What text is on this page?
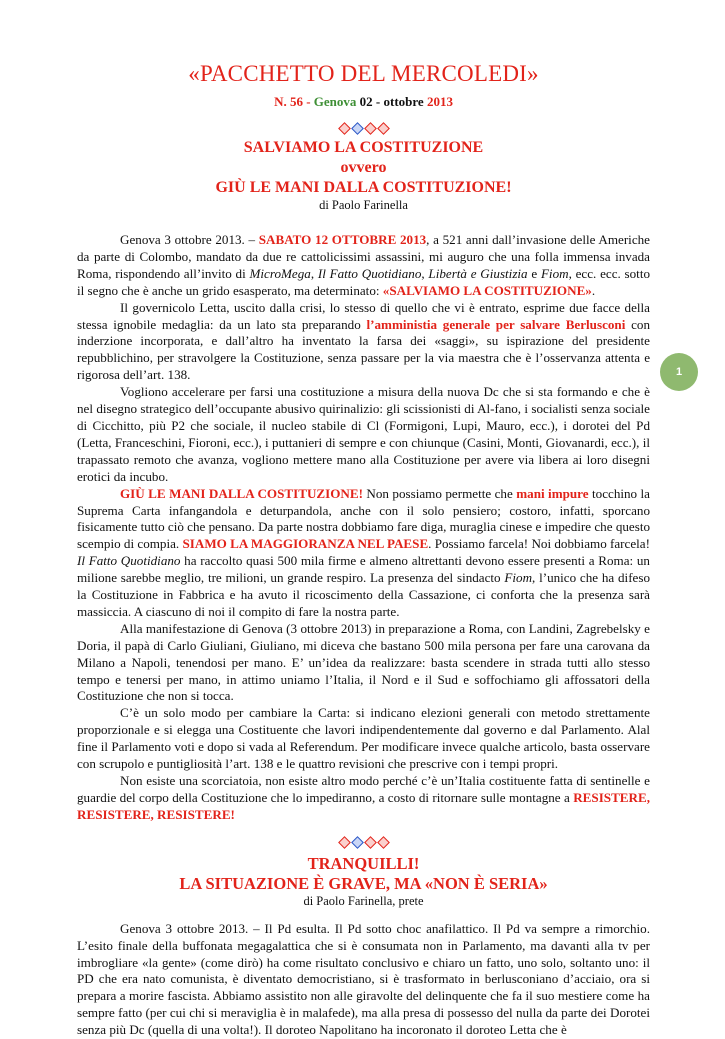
«PACCHETTO DEL MERCOLEDI»
N. 56 - Genova 02 - ottobre 2013
SALVIAMO LA COSTITUZIONE
ovvero
GIÙ LE MANI DALLA COSTITUZIONE!
di Paolo Farinella

Genova 3 ottobre 2013. – SABATO 12 OTTOBRE 2013, a 521 anni dall’invasione delle Americhe da parte di Colombo, mandato da due re cattolicissimi assassini, mi auguro che una folla immensa invada Roma, rispondendo all’invito di MicroMega, Il Fatto Quotidiano, Libertà e Giustizia e Fiom, ecc. ecc. sotto il segno che è anche un grido esasperato, ma determinato: «SALVIAMO LA COSTITUZIONE».

Il governicolo Letta, uscito dalla crisi, lo stesso di quello che vi è entrato, esprime due facce della stessa ignobile medaglia: da un lato sta preparando l’amministia generale per salvare Berlusconi con inderzione incorporata, e dall’altro ha inventato la farsa dei «saggi», su ispirazione del presidente repubblichino, per stravolgere la Costituzione, senza passare per la via maestra che è l’osservanza attenta e rigorosa dell’art. 138.

Vogliono accelerare per farsi una costituzione a misura della nuova Dc che si sta formando e che è nel disegno strategico dell’occupante abusivo quirinalizio: gli scissionisti di Al-fano, i socialisti senza sociale di Cicchitto, più P2 che sociale, il nucleo stabile di Cl (Formigoni, Lupi, Mauro, ecc.), i dorotei del Pd (Letta, Franceschini, Fioroni, ecc.), i puttanieri di sempre e con chiunque (Casini, Monti, Giovanardi, ecc.), il trapassato remoto che avanza, vogliono mettere mano alla Costituzione per avere via libera ai loro disegni erotici da incubo.

GIÙ LE MANI DALLA COSTITUZIONE! Non possiamo permette che mani impure tocchino la Suprema Carta infangandola e deturpandola, anche con il solo pensiero; costoro, infatti, sporcano fisicamente tutto ciò che pensano. Da parte nostra dobbiamo fare diga, muraglia cinese e impedire che questo scempio di compia. SIAMO LA MAGGIORANZA NEL PAESE. Possiamo farcela! Noi dobbiamo farcela! Il Fatto Quotidiano ha raccolto quasi 500 mila firme e almeno altrettanti devono essere presenti a Roma: un milione sarebbe meglio, tre milioni, un grande respiro. La presenza del sindacto Fiom, l’unico che ha difeso la Costituzione in Fabbrica e ha avuto il ricoscimento della Cassazione, ci conforta che la presenza sarà massiccia. A ciascuno di noi il compito di fare la nostra parte.

Alla manifestazione di Genova (3 ottobre 2013) in preparazione a Roma, con Landini, Zagrebelsky e Doria, il papà di Carlo Giuliani, Giuliano, mi diceva che bastano 500 mila persona per fare una carovana da Milano a Napoli, tenendosi per mano. E’ un’idea da realizzare: basta scendere in strada tutti allo stesso tempo e tenersi per mano, in attimo uniamo l’Italia, il Nord e il Sud e soffochiamo gli affossatori della Costituzione che non si tocca.

C’è un solo modo per cambiare la Carta: si indicano elezioni generali con metodo strettamente proporzionale e si elegga una Costituente che lavori indipendentemente dal governo e dal Parlamento. Alal fine il Parlamento voti e dopo si vada al Referendum. Per modificare invece qualche articolo, basta osservare con scrupolo e puntigliosità l’art. 138 e le quattro revisioni che prescrive con i tempi propri.

Non esiste una scorciatoia, non esiste altro modo perché c’è un’Italia costituente fatta di sentinelle e guardie del corpo della Costituzione che lo impediranno, a costo di ritornare sulle montagne a RESISTERE, RESISTERE, RESISTERE!

TRANQUILLI!
LA SITUAZIONE È GRAVE, MA «NON È SERIA»
di Paolo Farinella, prete

Genova 3 ottobre 2013. – Il Pd esulta. Il Pd sotto choc anafilattico. Il Pd va sempre a rimorchio. L’esito finale della buffonata megagalattica che si è consumata non in Parlamento, ma davanti alla tv per imbrogliare «la gente» (come dirò) ha come risultato conclusivo e chiaro un fatto, uno solo, soltanto uno: il PD che era nato comunista, è diventato democristiano, si è trasformato in berlusconiano d’acciaio, ora si prepara a morire fascista. Abbiamo assistito non alle giravolte del delinquente che fa il suo mestiere come ha sempre fatto (per cui chi si meraviglia è in malafede), ma alla presa di possesso del nulla da parte dei Dorotei senza più Dc (quella di una volta!). Il doroteo Napolitano ha incoronato il doroteo Letta che è

1
